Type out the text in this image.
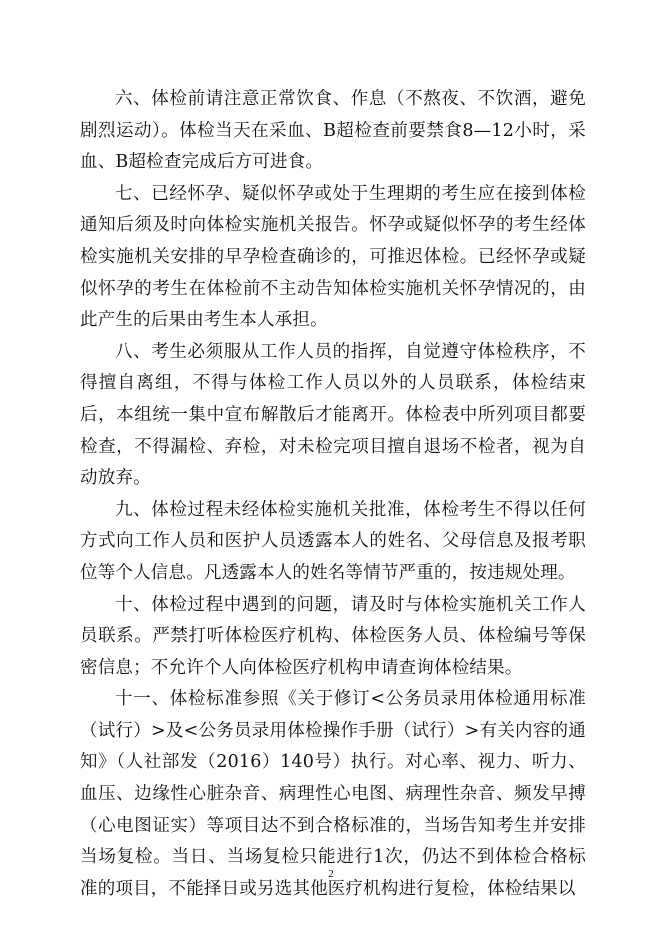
六、体检前请注意正常饮食、作息（不熬夜、不饮酒，避免剧烈运动）。体检当天在采血、B超检查前要禁食8—12小时，采血、B超检查完成后方可进食。

七、已经怀孕、疑似怀孕或处于生理期的考生应在接到体检通知后须及时向体检实施机关报告。怀孕或疑似怀孕的考生经体检实施机关安排的早孕检查确诊的，可推迟体检。已经怀孕或疑似怀孕的考生在体检前不主动告知体检实施机关怀孕情况的，由此产生的后果由考生本人承担。

八、考生必须服从工作人员的指挥，自觉遵守体检秩序，不得擅自离组，不得与体检工作人员以外的人员联系，体检结束后，本组统一集中宣布解散后才能离开。体检表中所列项目都要检查，不得漏检、弃检，对未检完项目擅自退场不检者，视为自动放弃。

九、体检过程未经体检实施机关批准，体检考生不得以任何方式向工作人员和医护人员透露本人的姓名、父母信息及报考职位等个人信息。凡透露本人的姓名等情节严重的，按违规处理。

十、体检过程中遇到的问题，请及时与体检实施机关工作人员联系。严禁打听体检医疗机构、体检医务人员、体检编号等保密信息；不允许个人向体检医疗机构申请查询体检结果。

十一、体检标准参照《关于修订<公务员录用体检通用标准（试行）>及<公务员录用体检操作手册（试行）>有关内容的通知》（人社部发（2016）140号）执行。对心率、视力、听力、血压、边缘性心脏杂音、病理性心电图、病理性杂音、频发早搏（心电图证实）等项目达不到合格标准的，当场告知考生并安排当场复检。当日、当场复检只能进行1次，仍达不到体检合格标准的项目，不能择日或另选其他医疗机构进行复检，体检结果以

2
